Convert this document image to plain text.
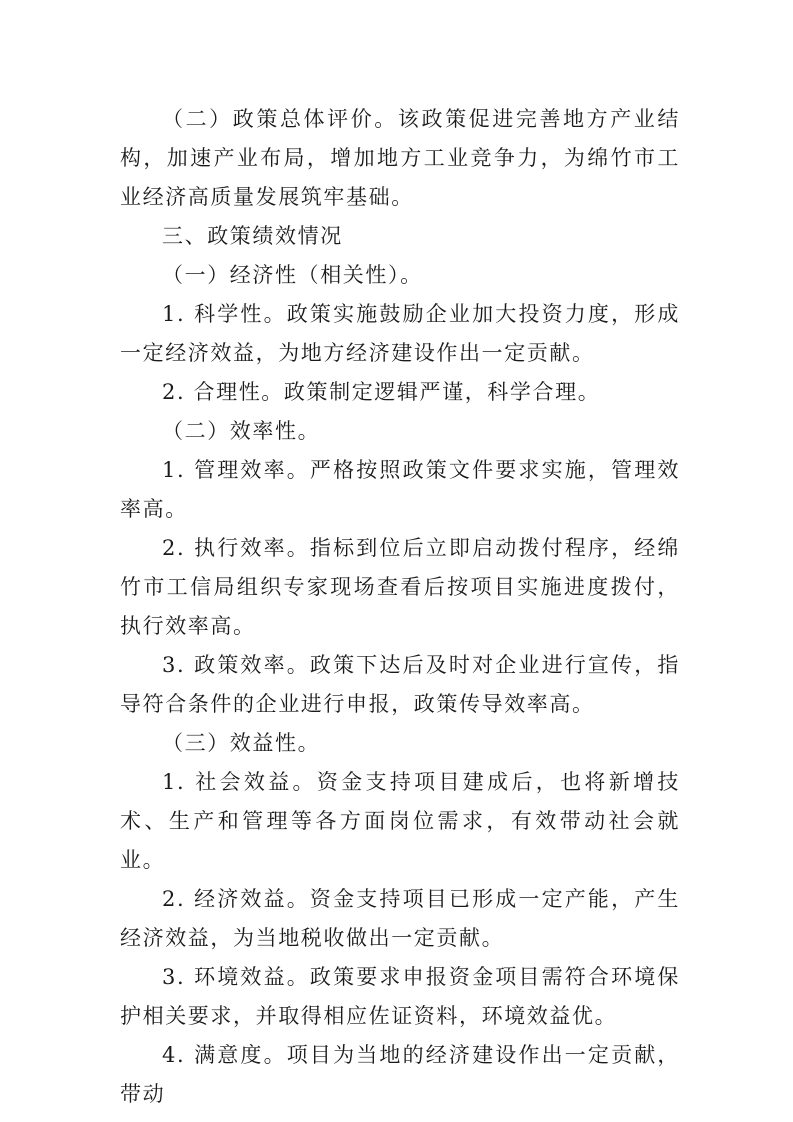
（二）政策总体评价。该政策促进完善地方产业结构，加速产业布局，增加地方工业竞争力，为绵竹市工业经济高质量发展筑牢基础。

三、政策绩效情况

（一）经济性（相关性）。

1. 科学性。政策实施鼓励企业加大投资力度，形成一定经济效益，为地方经济建设作出一定贡献。

2. 合理性。政策制定逻辑严谨，科学合理。

（二）效率性。

1. 管理效率。严格按照政策文件要求实施，管理效率高。

2. 执行效率。指标到位后立即启动拨付程序，经绵竹市工信局组织专家现场查看后按项目实施进度拨付，执行效率高。

3. 政策效率。政策下达后及时对企业进行宣传，指导符合条件的企业进行申报，政策传导效率高。

（三）效益性。

1. 社会效益。资金支持项目建成后，也将新增技术、生产和管理等各方面岗位需求，有效带动社会就业。

2. 经济效益。资金支持项目已形成一定产能，产生经济效益，为当地税收做出一定贡献。

3. 环境效益。政策要求申报资金项目需符合环境保护相关要求，并取得相应佐证资料，环境效益优。

4. 满意度。项目为当地的经济建设作出一定贡献，带动
